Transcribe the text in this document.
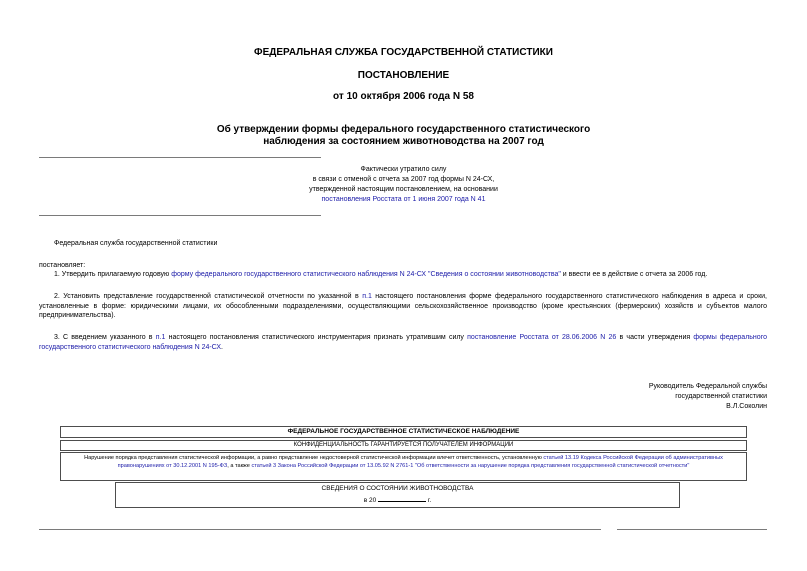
ФЕДЕРАЛЬНАЯ СЛУЖБА ГОСУДАРСТВЕННОЙ СТАТИСТИКИ
ПОСТАНОВЛЕНИЕ
от 10 октября 2006 года N 58
Об утверждении формы федерального государственного статистического
наблюдения за состоянием животноводства на 2007 год
Фактически утратило силу
в связи с отменой с отчета за 2007 год формы N 24-СХ,
утвержденной настоящим постановлением, на основании
постановления Росстата от 1 июня 2007 года N 41
Федеральная служба государственной статистики
постановляет:
1. Утвердить прилагаемую годовую форму федерального государственного статистического наблюдения N 24-СХ "Сведения о состоянии животноводства" и ввести ее в действие с отчета за 2006 год.
2. Установить представление государственной статистической отчетности по указанной в п.1 настоящего постановления форме федерального государственного статистического наблюдения в адреса и сроки, установленные в форме: юридическими лицами, их обособленными подразделениями, осуществляющими сельскохозяйственное производство (кроме крестьянских (фермерских) хозяйств и субъектов малого предпринимательства).
3. С введением указанного в п.1 настоящего постановления статистического инструментария признать утратившим силу постановление Росстата от 28.06.2006 N 26 в части утверждения формы федерального государственного статистического наблюдения N 24-СХ.
Руководитель Федеральной службы
государственной статистики
В.Л.Соколин
ФЕДЕРАЛЬНОЕ ГОСУДАРСТВЕННОЕ СТАТИСТИЧЕСКОЕ НАБЛЮДЕНИЕ
КОНФИДЕНЦИАЛЬНОСТЬ ГАРАНТИРУЕТСЯ ПОЛУЧАТЕЛЕМ ИНФОРМАЦИИ
Нарушение порядка представления статистической информации, а равно представление недостоверной статистической информации влечет ответственность, установленную статьей 13.19 Кодекса Российской Федерации об административных правонарушениях от 30.12.2001 N 195-ФЗ, а также статьей 3 Закона Российской Федерации от 13.05.92 N 2761-1 "Об ответственности за нарушение порядка представления государственной статистической отчетности"
СВЕДЕНИЯ О СОСТОЯНИИ ЖИВОТНОВОДСТВА
в 20	г.
